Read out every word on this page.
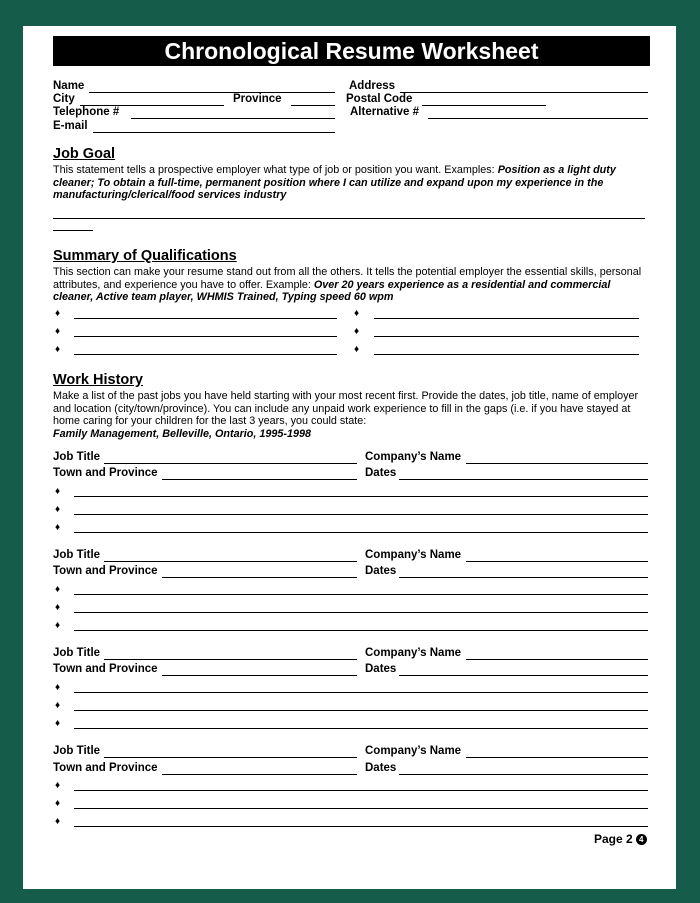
Chronological Resume Worksheet
Name	Address
City	Province	Postal Code
Telephone #	Alternative #
E-mail
Job Goal
This statement tells a prospective employer what type of job or position you want. Examples: Position as a light duty cleaner; To obtain a full-time, permanent position where I can utilize and expand upon my experience in the manufacturing/clerical/food services industry
Summary of Qualifications
This section can make your resume stand out from all the others. It tells the potential employer the essential skills, personal attributes, and experience you have to offer. Example: Over 20 years experience as a residential and commercial cleaner, Active team player, WHMIS Trained, Typing speed 60 wpm
♦	♦
♦	♦
♦	♦
Work History
Make a list of the past jobs you have held starting with your most recent first. Provide the dates, job title, name of employer and location (city/town/province). You can include any unpaid work experience to fill in the gaps (i.e. if you have stayed at home caring for your children for the last 3 years, you could state:
Family Management, Belleville, Ontario, 1995-1998
Job Title	Company’s Name
Town and Province	Dates
♦
♦
♦
Job Title	Company’s Name
Town and Province	Dates
♦
♦
♦
Job Title	Company’s Name
Town and Province	Dates
♦
♦
♦
Job Title	Company’s Name
Town and Province	Dates
♦
♦
♦
Page 2 4
